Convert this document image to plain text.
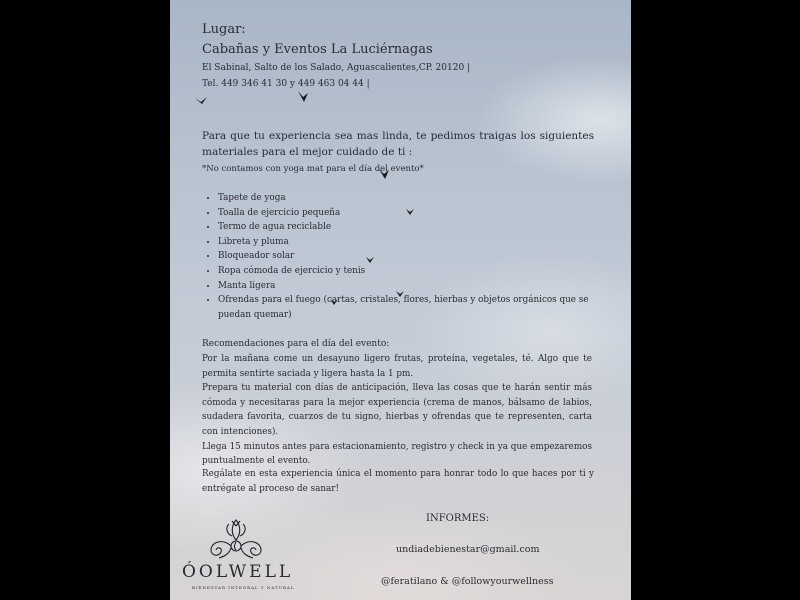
Lugar:
Cabañas y Eventos La Luciérnagas
El Sabinal, Salto de los Salado, Aguascalientes,CP. 20120 |
Tel. 449 346 41 30 y 449 463 04 44 |
Para que tu experiencia sea mas linda, te pedimos traigas los siguientes materiales para el mejor cuidado de ti :
*No contamos con yoga mat para el día del evento*
• Tapete de yoga
• Toalla de ejercicio pequeña
• Termo de agua reciclable
• Libreta y pluma
• Bloqueador solar
• Ropa cómoda de ejercicio y tenis
• Manta ligera
• Ofrendas para el fuego (cartas, cristales, flores, hierbas y objetos orgánicos que se puedan quemar)
Recomendaciones para el día del evento:

Por la mañana come un desayuno ligero frutas, proteína, vegetales, té. Algo que te permita sentirte saciada y ligera hasta la 1 pm.

Prepara tu material con días de anticipación, lleva las cosas que te harán sentir más cómoda y necesitaras para la mejor experiencia (crema de manos, bálsamo de labios, sudadera favorita, cuarzos de tu signo, hierbas y ofrendas que te representen, carta con intenciones).

Llega 15 minutos antes para estacionamiento, registro y check in ya que empezaremos puntualmente el evento.

Regálate en esta experiencia única el momento para honrar todo lo que haces por ti y entrégate al proceso de sanar!
ÓOLWELL
BIENESTAR INTEGRAL Y NATURAL
INFORMES:
undiadebienestar@gmail.com
@feratilano & @followyourwellness
